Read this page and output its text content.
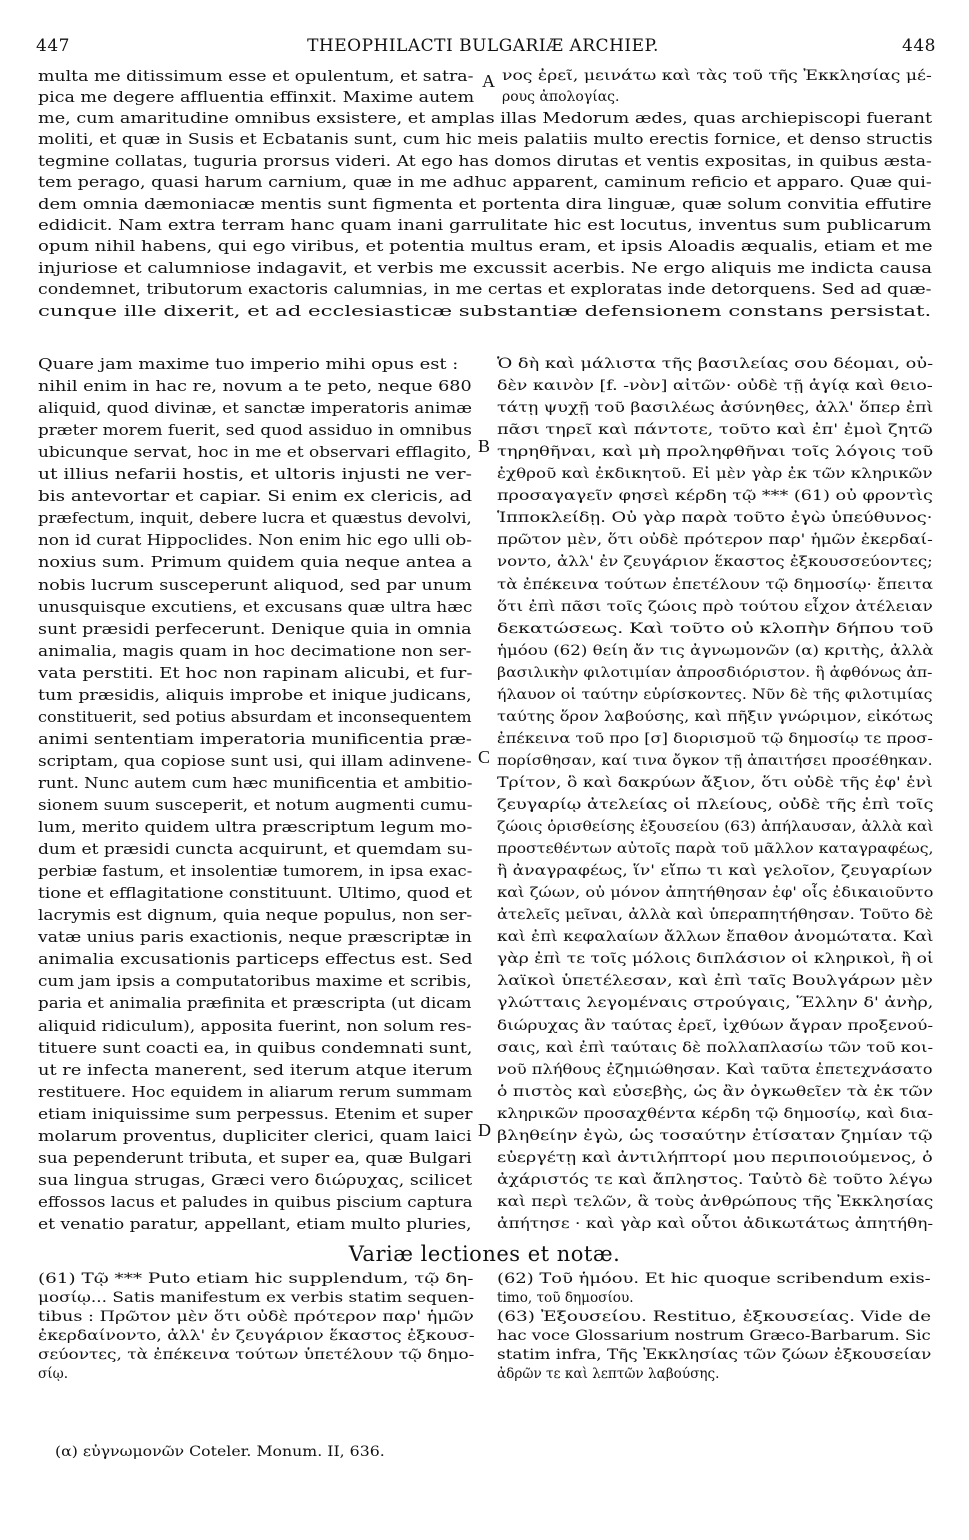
447	THEOPHILACTI BULGARIÆ ARCHIEP.	448
multa me ditissimum esse et opulentum, et satra-
pica me degere affluentia effinxit. Maxime autem
νος ἐρεῖ, μεινάτω καὶ τὰς τοῦ τῆς Ἐκκλησίας μέ-
ρους ἀπολογίας.
me, cum amaritudine omnibus exsistere, et amplas illas Medorum ædes, quas archiepiscopi fuerant
moliti, et quæ in Susis et Ecbatanis sunt, cum hic meis palatiis multo erectis fornice, et denso structis
tegmine collatas, tuguria prorsus videri. At ego has domos dirutas et ventis expositas, in quibus æsta-
tem perago, quasi harum carnium, quæ in me adhuc apparent, caminum reficio et apparo. Quæ qui-
dem omnia dæmoniacæ mentis sunt figmenta et portenta dira linguæ, quæ solum convitia effutire
edidicit. Nam extra terram hanc quam inani garrulitate hic est locutus, inventus sum publicarum
opum nihil habens, qui ego viribus, et potentia multus eram, et ipsis Aloadis æqualis, etiam et me
injuriose et calumniose indagavit, et verbis me excussit acerbis. Ne ergo aliquis me indicta causa
condemnet, tributorum exactoris calumnias, in me certas et exploratas inde detorquens. Sed ad quæ-
cunque ille dixerit, et ad ecclesiasticæ substantiæ defensionem constans persistat.
Quare jam maxime tuo imperio mihi opus est :
nihil enim in hac re, novum a te peto, neque 680
aliquid, quod divinæ, et sanctæ imperatoris animæ
præter morem fuerit, sed quod assiduo in omnibus
ubicunque servat, hoc in me et observari efflagito,
ut illius nefarii hostis, et ultoris injusti ne ver-
bis antevortar et capiar. Si enim ex clericis, ad
præfectum, inquit, debere lucra et quæstus devolvi,
non id curat Hippoclides. Non enim hic ego ulli ob-
noxius sum. Primum quidem quia neque antea a
nobis lucrum susceperunt aliquod, sed par unum
unusquisque excutiens, et excusans quæ ultra hæc
sunt præsidi perfecerunt. Denique quia in omnia
animalia, magis quam in hoc decimatione non ser-
vata perstiti. Et hoc non rapinam alicubi, et fur-
tum præsidis, aliquis improbe et inique judicans,
constituerit, sed potius absurdam et inconsequentem
animi sententiam imperatoria munificentia præ-
scriptam, qua copiose sunt usi, qui illam adinvene-
runt. Nunc autem cum hæc munificentia et ambitio-
sionem suum susceperit, et notum augmenti cumu-
lum, merito quidem ultra præscriptum legum mo-
dum et præsidi cuncta acquirunt, et quemdam su-
perbiæ fastum, et insolentiæ tumorem, in ipsa exac-
tione et efflagitatione constituunt. Ultimo, quod et
lacrymis est dignum, quia neque populus, non ser-
vatæ unius paris exactionis, neque præscriptæ in
animalia excusationis particeps effectus est. Sed
cum jam ipsis a computatoribus maxime et scribis,
paria et animalia præfinita et præscripta (ut dicam
aliquid ridiculum), apposita fuerint, non solum res-
tituere sunt coacti ea, in quibus condemnati sunt,
ut re infecta manerent, sed iterum atque iterum
restituere. Hoc equidem in aliarum rerum summam
etiam iniquissime sum perpessus. Etenim et super
molarum proventus, dupliciter clerici, quam laici
sua pependerunt tributa, et super ea, quæ Bulgari
sua lingua strugas, Græci vero διώρυχας, scilicet
effossos lacus et paludes in quibus piscium captura
et venatio paratur, appellant, etiam multo pluries,
Ὁ δὴ καὶ μάλιστα τῆς βασιλείας σου δέομαι, οὐ-
δὲν καινὸν [f. -νὸν] αἰτῶν· οὐδὲ τῇ ἁγίᾳ καὶ θειο-
τάτῃ ψυχῇ τοῦ βασιλέως ἀσύνηθες, ἀλλ' ὅπερ ἐπὶ
πᾶσι τηρεῖ καὶ πάντοτε, τοῦτο καὶ ἐπ' ἐμοὶ ζητῶ
τηρηθῆναι, καὶ μὴ προληφθῆναι τοῖς λόγοις τοῦ
ἐχθροῦ καὶ ἐκδικητοῦ. Εἰ μὲν γὰρ ἐκ τῶν κληρικῶν
προσαγαγεῖν φησεὶ κέρδη τῷ *** (61) οὐ φροντὶς
Ἱπποκλείδῃ. Οὐ γὰρ παρὰ τοῦτο ἐγὼ ὑπεύθυνος·
πρῶτον μὲν, ὅτι οὐδὲ πρότερον παρ' ἡμῶν ἐκερδαί-
νοντο, ἀλλ' ἐν ζευγάριον ἕκαστος ἐξκουσσεύοντες;
τὰ ἐπέκεινα τούτων ἐπετέλουν τῷ δημοσίῳ· ἔπειτα
ὅτι ἐπὶ πᾶσι τοῖς ζώοις πρὸ τούτου εἶχον ἀτέλειαν
δεκατώσεως. Καὶ τοῦτο οὐ κλοπὴν δήπου τοῦ
ἡμόου (62) θείη ἄν τις ἀγνωμονῶν (α) κριτὴς, ἀλλὰ
βασιλικὴν φιλοτιμίαν ἀπροσδιόριστον. ἣ ἀφθόνως ἀπ-
ήλαυον οἱ ταύτην εὑρίσκοντες. Νῦν δὲ τῆς φιλοτιμίας
ταύτης ὅρον λαβούσης, καὶ πῆξιν γνώριμον, εἰκότως
ἐπέκεινα τοῦ προ [σ] διορισμοῦ τῷ δημοσίῳ τε προσ-
πορίσθησαν, καί τινα ὄγκον τῇ ἀπαιτήσει προσέθηκαν.
Τρίτον, ὃ καὶ δακρύων ἄξιον, ὅτι οὐδὲ τῆς ἐφ' ἑνὶ
ζευγαρίῳ ἀτελείας οἱ πλείους, οὐδὲ τῆς ἐπὶ τοῖς
ζώοις ὁρισθείσης ἐξουσείου (63) ἀπήλαυσαν, ἀλλὰ καὶ
προστεθέντων αὐτοῖς παρὰ τοῦ μᾶλλον καταγραφέως,
ἢ ἀναγραφέως, ἵν' εἴπω τι καὶ γελοῖον, ζευγαρίων
καὶ ζώων, οὐ μόνον ἀπητήθησαν ἐφ' οἷς ἐδικαιοῦντο
ἀτελεῖς μεῖναι, ἀλλὰ καὶ ὑπεραπητήθησαν. Τοῦτο δὲ
καὶ ἐπὶ κεφαλαίων ἄλλων ἔπαθον ἀνομώτατα. Καὶ
γὰρ ἐπὶ τε τοῖς μόλοις διπλάσιον οἱ κληρικοὶ, ἢ οἱ
λαϊκοὶ ὑπετέλεσαν, καὶ ἐπὶ ταῖς Βουλγάρων μὲν
γλώτταις λεγομέναις στρούγαις, Ἕλλην δ' ἀνὴρ,
διώρυχας ἂν ταύτας ἐρεῖ, ἰχθύων ἄγραν προξενού-
σαις, καὶ ἐπὶ ταύταις δὲ πολλαπλασίω τῶν τοῦ κοι-
νοῦ πλήθους ἐζημιώθησαν. Καὶ ταῦτα ἐπετεχνάσατο
ὁ πιστὸς καὶ εὐσεβὴς, ὡς ἂν ὀγκωθεῖεν τὰ ἐκ τῶν
κληρικῶν προσαχθέντα κέρδη τῷ δημοσίῳ, καὶ δια-
βληθείην ἐγὼ, ὡς τοσαύτην ἐτίσαταν ζημίαν τῷ
εὐεργέτῃ καὶ ἀντιλήπτορί μου περιποιούμενος, ὁ
ἀχάριστός τε καὶ ἄπληστος. Ταὐτὸ δὲ τοῦτο λέγω
καὶ περὶ τελῶν, ἃ τοὺς ἀνθρώπους τῆς Ἐκκλησίας
ἀπήτησε · καὶ γὰρ καὶ οὗτοι ἀδικωτάτως ἀπητήθη-
A
B
C
D
Variæ lectiones et notæ.
(61) Τῷ *** Puto etiam hic supplendum, τῷ δη-
μοσίῳ... Satis manifestum ex verbis statim sequen-
tibus : Πρῶτον μὲν ὅτι οὐδὲ πρότερον παρ' ἡμῶν
ἐκερδαίνοντο, ἀλλ' ἐν ζευγάριον ἕκαστος ἐξκουσ-
σεύοντες, τὰ ἐπέκεινα τούτων ὑπετέλουν τῷ δημο-
σίῳ.
(α) εὐγνωμονῶν Coteler. Monum. II, 636.
(62) Τοῦ ἡμόου. Et hic quoque scribendum exis-
timo, τοῦ δημοσίου.
(63) Ἐξουσείου. Restituo, ἐξκουσείας. Vide de
hac voce Glossarium nostrum Græco-Barbarum. Sic
statim infra, Τῆς Ἐκκλησίας τῶν ζώων ἐξκουσείαν
ἀδρῶν τε καὶ λεπτῶν λαβούσης.
